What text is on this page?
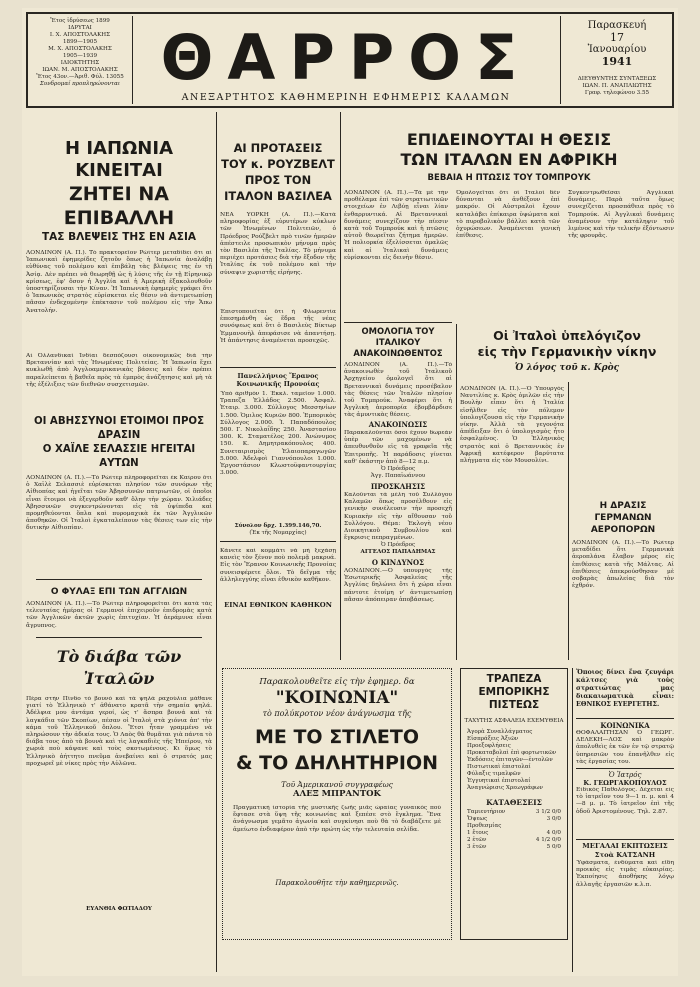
Ἔτος ἱδρύσεως 1899
ΙΔΡΥΤΑΙ
Ι. Χ. ΑΠΟΣΤΟΛΑΚΗΣ
1899—1905
Μ. Χ. ΑΠΟΣΤΟΛΑΚΗΣ
1905—1939
ΙΔΙΟΚΤΗΤΗΣ
ΙΩΑΝ. Μ. ΑΠΟΣΤΟΛΑΚΗΣ
Ἔτος 43ον.—Ἀριθ. Φύλ. 13055
Συνδρομαί προπληρώνονται ΘΑΡΡΟΣ
ΑΝΕΞΑΡΤΗΤΟΣ ΚΑΘΗΜΕΡΙΝΗ ΕΦΗΜΕΡΙΣ ΚΑΛΑΜΩΝ
Παρασκευή
17
Ἰανουαρίου
1941
ΔΙΕΥΘΥΝΤΗΣ ΣΥΝΤΑΞΕΩΣ
ΙΩΑΝ. Π. ΑΝΑΠΛΙΩΤΗΣ
Γραφ. τηλεφώνου 3.55
Η ΙΑΠΩΝΙΑ ΚΙΝΕΙΤΑΙ
ΖΗΤΕΙ ΝΑ ΕΠΙΒΑΛΛΗ
ΤΑΣ ΒΛΕΨΕΙΣ ΤΗΣ ΕΝ ΑΣΙΑ
ΛΟΝΔΙΝΟΝ (Α. Π.). Τὸ πρακτορεῖον Ρώϊτερ μεταδίδει ὅτι αἱ Ἰαπωνικαὶ ἐφημερίδες ζητοῦν ὅπως ἡ Ἰαπωνία ἀναλάβῃ εὐθύνας τοῦ πολέμου καὶ ἐπιβάλῃ τὰς βλέψεις της ἐν τῇ Ἀσίᾳ. Δὲν πρέπει νὰ θεωρηθῇ ὡς ἡ λύσις τῆς ἐν τῇ Εἰρηνικῷ κρίσεως, ἐφ' ὅσον ἡ Ἀγγλία καὶ ἡ Ἀμερικὴ ἐξακολουθοῦν ὑποστηρίζουσαι τὴν Κίναν. Ἡ Ἰαπωνικὴ ἐφημερὶς γράφει ὅτι ὁ Ἰαπωνικὸς στρατὸς εὑρίσκεται εἰς θέσιν νὰ ἀντιμετωπίσῃ πᾶσαν ἐνδεχομένην ἐπέκτασιν τοῦ πολέμου εἰς τὴν Ἄπω Ἀνατολήν.
Αἱ Ὀλλανδικαὶ Ἰνδίαι δεσπόζουσι οἰκονομικῶς διὰ τὴν Βρεταννίαν καὶ τὰς Ἡνωμένας Πολιτείας. Ἡ Ἰαπωνία ἔχει κυκλωθῆ ἀπὸ Ἀγγλοαμερικανικὰς βάσεις καὶ δὲν πρέπει παραλείπεται ἡ βαθεῖα πρὸς τὰ ἐμπρὸς ἀνάζητησις καὶ μὴ τὰ τῆς ἐξέλιξεις τῶν διεθνῶν συσχετισμῶν.
ΟΙ ΑΒΗΣΣΥΝΟΙ ΕΤΟΙΜΟΙ ΠΡΟΣ ΔΡΑΣΙΝ
Ο ΧΑΪΛΕ ΣΕΛΑΣΣΙΕ ΗΓΕΙΤΑΙ ΑΥΤΩΝ
ΛΟΝΔΙΝΟΝ (Α. Π.).—Τὸ Ρώϊτερ πληροφορεῖται ἐκ Καΐρου ὅτι ὁ Χαϊλὲ Σελασσιὲ εὑρίσκεται πλησίον τῶν συνόρων τῆς Αἰθιοπίας καὶ ἡγεῖται τῶν Ἀβησσυνῶν πατριωτῶν, οἱ ὁποῖοι εἶναι ἕτοιμοι νὰ ἐξεγερθοῦν καθ' ὅλην τὴν χώραν. Χιλιάδες Ἀβησσυνῶν συγκεντρώνονται εἰς τὰ ὑψίπεδα καὶ προμηθεύονται ὅπλα καὶ πυρομαχικὰ ἐκ τῶν Ἀγγλικῶν ἀποθηκῶν. Οἱ Ἰταλοὶ ἐγκαταλείπουν τὰς θέσεις των εἰς τὴν δυτικὴν Αἰθιοπίαν.
Ο ΦΥΛΑΞ ΕΠΙ ΤΩΝ ΑΓΓΛΙΩΝ
ΛΟΝΔΙΝΟΝ (Α. Π.).—Τὸ Ρώϊτερ πληροφορεῖται ὅτι κατὰ τὰς τελευταίας ἡμέρας οἱ Γερμανοὶ ἐπιχειροῦν ἐπιδρομὰς κατὰ τῶν Ἀγγλικῶν ἀκτῶν χωρὶς ἐπιτυχίαν. Ἡ ἀεράμυνα εἶναι ἄγρυπνος.
Τὸ διάβα τῶν Ἰταλῶν
Πέρα στὴν Πίνδο τὸ βουνὸ καὶ τὰ ψηλὰ ραχούλια μάθανε γιατί τὸ Ἑλληνικὸ τ' ἀθάνατο κρατᾶ τὴν σημαία ψηλά. Ἀδέλφια μου ἀντάμα γεροί, ὡς τ' ἄσπρα βουνά καὶ τὰ λαγκάδια τῶν Σκοπίων, πέσαν οἱ Ἰταλοὶ στὰ χιόνια ἀπ' τὴν κάμα τοῦ Ἑλληνικοῦ ὅπλου. Ἔτσι ἦταν γραμμένο νὰ πληρώσουν τὴν ἀδικία τους. Ὁ Λαὸς θὰ θυμᾶται γιὰ πάντα τὸ διάβα τους ἀπὸ τὰ βουνὰ καὶ τὶς λαγκαδιὲς τῆς Ἠπείρου, τὰ χωριὰ ποὺ κάψανε καὶ τοὺς σκοτωμένους. Κι ὅμως τὸ Ἑλληνικὸ ἀήττητο πνεῦμα ἀνεβαίνει καὶ ὁ στρατός μας προχωρεῖ μὲ νίκες πρὸς τὴν Αὐλῶνα.
ΕΥΑΝΘΙΑ ΦΩΤΙΑΔΟΥ
ΑΙ ΠΡΟΤΑΣΕΙΣ ΤΟΥ κ. ΡΟΥΖΒΕΛΤ ΠΡΟΣ ΤΟΝ ΙΤΑΛΟΝ ΒΑΣΙΛΕΑ
ΝΕΑ ΥΟΡΚΗ (Α. Π.).—Κατὰ πληροφορίας ἐξ εὐρυτέρων κύκλων τῶν Ἡνωμένων Πολιτειῶν, ὁ Πρόεδρος Ρούζβελτ πρὸ τινῶν ἡμερῶν ἀπέστειλε προσωπικὸν μήνυμα πρὸς τὸν Βασιλέα τῆς Ἰταλίας. Τὸ μήνυμα περιέχει προτάσεις διὰ τὴν ἔξοδον τῆς Ἰταλίας ἐκ τοῦ πολέμου καὶ τὴν σύναψιν χωριστῆς εἰρήνης.
Ἐπιστοποιεῖται ὅτι ἡ Φλωρεντία ἐπεσημάνθη ὡς ἕδρα τῆς νέας συνόψεως καὶ ὅτι ὁ Βασιλεὺς Βίκτωρ Ἐμμανουὴλ ἀπεφάσισε νὰ ἀπαντήσῃ. Ἡ ἀπάντησις ἀναμένεται προσεχῶς.
Πανελλήνιος Ἔρανος Κοινωνικῆς Προνοίας
Ὑπὸ ἀριθμὸν 1. Ἐκκλ. ταμεῖον 1.000. Τραπεζα Ἑλλάδος 2.500. Ἀσφαλ. Ἑταιρ. 3.000. Σύλλογος Μεσσηνίων 1.500. Ὁμιλος Κυριῶν 800. Ἐμπορικὸς Σύλλογος 2.000. Ἰ. Παπαδόπουλος 500. Γ. Νικολαΐδης 250. Ἀναστασίου 300. Κ. Σταματέλος 200. Ἀνώνυμος 150. Κ. Δημητρακόπουλος 400. Συνεταιρισμὸς Ἐλαιοπαραγωγῶν 5.000. Ἀδελφοὶ Γιαννόπουλοι 1.000. Ἐργοστάσιον Κλωστοϋφαντουργίας 3.000.
Σύνολον δρχ. 1.399.146,70.
(Ἐκ τῆς Νομαρχίας)
Κάνετε καὶ κομμάτι νὰ μὴ ξεχάσῃ κανεὶς τὸν ξένον ποὺ πολεμᾷ μακρυά. Εἰς τὸν Ἔρανον Κοινωνικῆς Προνοίας συνεισφέρετε ὅλοι. Τὸ δεῖγμα τῆς ἀλληλεγγύης εἶναι ἐθνικὸν καθῆκον.
ΕΙΝΑΙ ΕΘΝΙΚΟΝ ΚΑΘΗΚΟΝ
ΕΠΙΔΕΙΝΟΥΤΑΙ Η ΘΕΣΙΣ
ΤΩΝ ΙΤΑΛΩΝ ΕΝ ΑΦΡΙΚΗ
ΒΕΒΑΙΑ Η ΠΤΩΣΙΣ ΤΟΥ ΤΟΜΠΡΟΥΚ
ΛΟΝΔΙΝΟΝ (Α. Π.).—Τὰ μὲ τὴν προθέλαμα ἐπὶ τῶν στρατιωτικῶν στοιχείων ἐν Λιβύῃ εἶναι λίαν ἐνθαρρυντικά. Αἱ Βρεταννικαὶ δυνάμεις συνεχίζουν τὴν πίεσιν κατὰ τοῦ Τομπρούκ καὶ ἡ πτῶσις αὐτοῦ θεωρεῖται ζήτημα ἡμερῶν. Ἡ πολιορκία ἐξελίσσεται ὁμαλῶς καὶ αἱ Ἰταλικαὶ δυνάμεις εὑρίσκονται εἰς δεινὴν θέσιν.
Ὁμολογεῖται ὅτι οἱ Ἰταλοὶ δὲν δύνανται νὰ ἀνθέξουν ἐπὶ μακρόν. Οἱ Αὐστραλοὶ ἔχουν καταλάβει ἐπίκαιρα ὑψώματα καὶ τὸ πυροβολικὸν βάλλει κατὰ τῶν ὀχυρώσεων. Ἀναμένεται γενικὴ ἐπίθεσις.
Συγκεντρωθεῖσαι Ἀγγλικαὶ δυνάμεις. Παρὰ ταῦτα ὅμως συνεχίζεται προσπάθεια πρὸς τὸ Τομπρούκ. Αἱ Ἀγγλικαὶ δυνάμεις ἀναμένουν τὴν κατάληψιν τοῦ λιμένος καὶ τὴν τελικὴν ἐξόντωσιν τῆς φρουρᾶς.
ΟΜΟΛΟΓΙΑ ΤΟΥ ΙΤΑΛΙΚΟΥ ΑΝΑΚΟΙΝΩΘΕΝΤΟΣ
ΛΟΝΔΙΝΟΝ (Α. Π.).—Τὸ ἀνακοινωθὲν τοῦ Ἰταλικοῦ Ἀρχηγείου ὁμολογεῖ ὅτι αἱ Βρεταννικαὶ δυνάμεις προσέβαλον τὰς θέσεις τῶν Ἰταλῶν πλησίον τοῦ Τομπρούκ. Ἀναφέρει ὅτι ἡ Ἀγγλικὴ ἀεροπορία ἐβομβάρδισε τὰς ἀμυντικὰς θέσεις.
ΑΝΑΚΟΙΝΩΣΙΣ
Παρακαλοῦνται ὅσοι ἔχουν δωρεὰν ὑπὲρ τῶν μαχομένων νὰ ἀπευθυνθοῦν εἰς τὰ γραφεῖα τῆς Ἐπιτροπῆς. Ἡ παράδοσις γίνεται καθ' ἑκάστην ἀπὸ 8—12 π.μ.
Ὁ Πρόεδρος
Ἀγγ. Παπαϊωάννου
ΠΡΟΣΚΛΗΣΙΣ
Καλοῦνται τὰ μέλη τοῦ Συλλόγου Καλαμῶν ὅπως προσέλθουν εἰς γενικὴν συνέλευσιν τὴν προσεχῆ Κυριακὴν εἰς τὴν αἴθουσαν τοῦ Συλλόγου. Θέμα: Ἐκλογὴ νέου Διοικητικοῦ Συμβουλίου καὶ ἔγκρισις πεπραγμένων.
Ὁ Πρόεδρος
ΑΓΓΕΛΟΣ ΠΑΠΑΔΗΜΑΣ
Ο ΚΙΝΔΥΝΟΣ
ΛΟΝΔΙΝΟΝ.—Ὁ ὑπουργὸς τῆς Ἐσωτερικῆς Ἀσφαλείας τῆς Ἀγγλίας δηλώνει ὅτι ἡ χώρα εἶναι πάντοτε ἑτοίμη ν' ἀντιμετωπίσῃ πᾶσαν ἀπόπειραν ἀποβάσεως.
Οἱ Ἰταλοὶ ὑπελόγιζον
εἰς τὴν Γερμανικὴν νίκην
Ὁ λόγος τοῦ κ. Κρὸς
ΛΟΝΔΙΝΟΝ (Α. Π.).—Ὁ Ὑπουργὸς Ναυτιλίας κ. Κρὸς ὁμιλῶν εἰς τὴν Βουλὴν εἶπεν ὅτι ἡ Ἰταλία εἰσῆλθεν εἰς τὸν πόλεμον ὑπολογίζουσα εἰς τὴν Γερμανικὴν νίκην. Ἀλλὰ τὰ γεγονότα ἀπέδειξαν ὅτι ὁ ὑπολογισμὸς ἦτο ἐσφαλμένος. Ὁ Ἑλληνικὸς στρατὸς καὶ ὁ Βρεταννικὸς ἐν Ἀφρικῇ κατέφερον βαρύτατα πλήγματα εἰς τὸν Μουσολίνι.
Η ΔΡΑΣΙΣ ΓΕΡΜΑΝΩΝ ΑΕΡΟΠΟΡΩΝ
ΛΟΝΔΙΝΟΝ (Α. Π.).—Τὸ Ρώϊτερ μεταδίδει ὅτι Γερμανικὰ ἀεροπλάνα ἔλαβον μέρος εἰς ἐπιθέσεις κατὰ τῆς Μάλτας. Αἱ ἐπιθέσεις ἀπεκρούσθησαν μὲ σοβαρὰς ἀπωλείας διὰ τὸν ἐχθρόν.
Παρακολουθεῖτε εἰς τὴν ἐφημερ. δα
"ΚΟΙΝΩΝΙΑ"
τὸ πολύκροτον νέον ἀνάγνωσμα τῆς
ΜΕ ΤΟ ΣΤΙΛΕΤΟ
& ΤΟ ΔΗΛΗΤΗΡΙΟΝ
Τοῦ Ἀμερικανοῦ συγγραφέως
ΑΛΕΞ ΜΠΡΑΝΤΟΚ
Πραγματικὴ ἱστορία τῆς μυστικῆς ζωῆς μιᾶς ὡραίας γυναικὸς ποὺ ἔφτασε στὰ ὕψη τῆς κοινωνίας καὶ ξεπέσε στὸ ἔγκλημα. Ἕνα ἀνάγνωσμα γεμᾶτο ἀγωνία καὶ συγκίνησι ποὺ θὰ τὸ διαβάζετε μὲ ἀμείωτο ἐνδιαφέρον ἀπὸ τὴν πρώτη ὡς τὴν τελευταία σελίδα.
Παρακολουθῆτε τὴν καθημερινῶς.
ΤΡΑΠΕΖΑ ΕΜΠΟΡΙΚΗΣ ΠΙΣΤΕΩΣ
ΤΑΧΥΤΗΣ ΑΣΦΑΛΕΙΑ ΕΧΕΜΥΘΕΙΑ
Ἀγορὰ Συναλλάγματος
Εἰσπράξεις Ἀξιῶν
Προεξοφλήσεις
Προκαταβολαὶ ἐπὶ φορτωτικῶν
Ἐκδόσεις ἐπιταγῶν—ἐντολῶν
Πιστωτικαὶ ἐπιστολαί
Φύλαξις τιμαλφῶν
Ἐγγυητικαὶ ἐπιστολαί
Ἀναγνώρισις Χρεωγράφων
ΚΑΤΑΘΕΣΕΙΣ
Ταμιευτήριον	3 1/2 0/0
Ὄψεως	3 0/0
Προθεσμίας
1 ἔτους	4 0/0
2 ἐτῶν	4 1/2 0/0
3 ἐτῶν	5 0/0
Ὅποιος δίνει ἕνα ζευγάρι κάλτσες γιὰ τοὺς στρατιώτας μας διακαιωματικὰ εἶναι: ΕΘΝΙΚΟΣ ΕΥΕΡΓΕΤΗΣ.
ΚΟΙΝΩΝΙΚΑ
ΘΟΦΑΛΑΙΤΗΣΑΝ Ὁ ΓΕΩΡΓ. ΔΕΛΕΚΗ—ΛΟΣ καὶ μακρὸν ἀπολυθεὶς ἐκ τῶν ἐν τῷ στρατῷ ὑπηρεσιῶν του ἐπανῆλθεν εἰς τὰς ἐργασίας του.
Ὁ Ἰατρός
Κ. ΓΕΩΡΓΑΚΟΠΟΥΛΟΣ
Εἰδικὸς Παθολόγος. Δέχεται εἰς τὸ ἰατρεῖον του 9—1 π. μ. καὶ 4—8 μ. μ. Τὸ ἰατρεῖον ἐπὶ τῆς ὁδοῦ Ἀριστομένους. Τηλ. 2.87.
ΜΕΓΑΛΑΙ ΕΚΠΤΩΣΕΙΣ Στοὰ ΚΑΤΣΑΝΗ
Ὑφάσματα, ἐνδύματα καὶ εἴδη προικὸς εἰς τιμὰς εὐκαιρίας. Ἐκποίησις ἀποθήκης λόγῳ ἀλλαγῆς ἐργασιῶν κ.λ.π.
